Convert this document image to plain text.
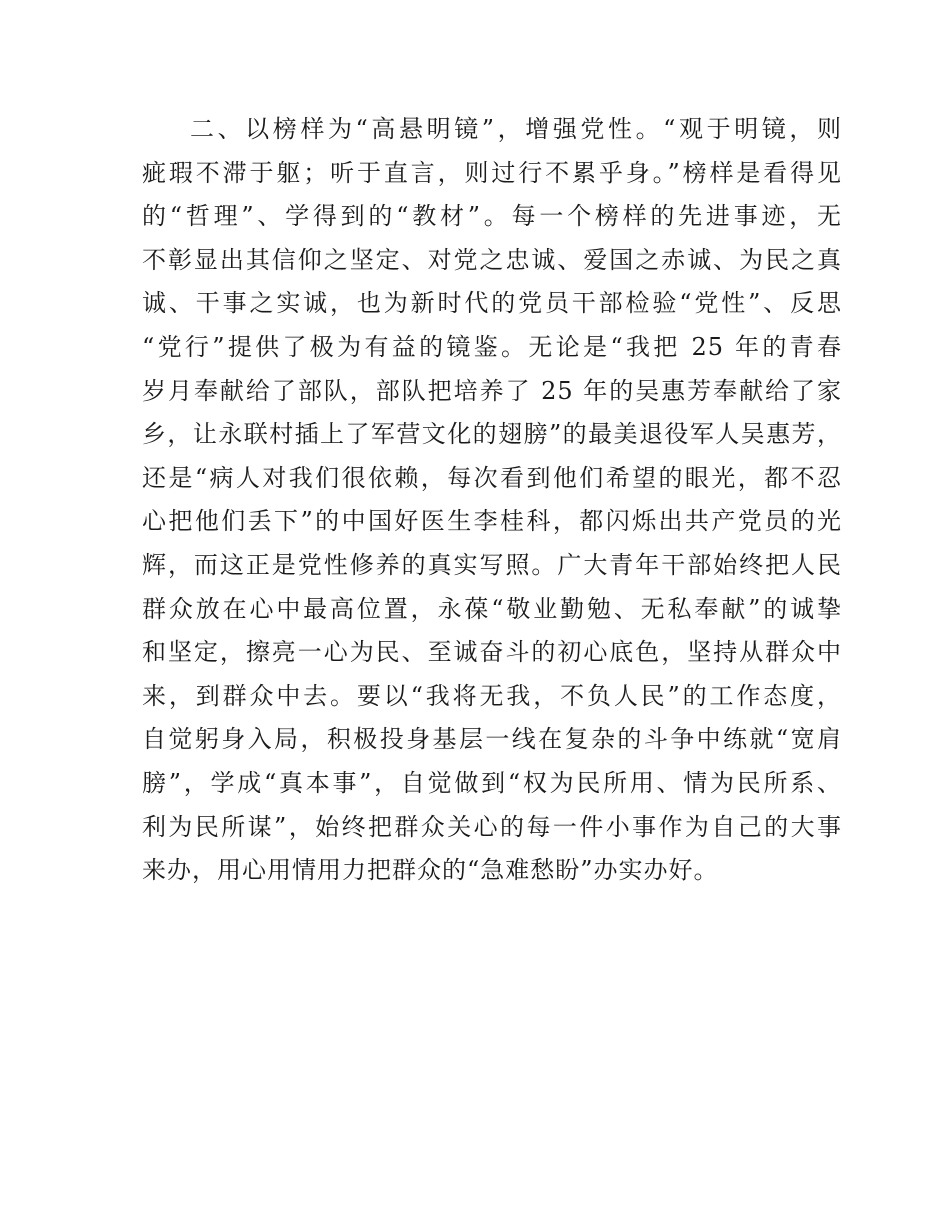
二、以榜样为“高悬明镜”，增强党性。“观于明镜，则
疵瑕不滞于躯；听于直言，则过行不累乎身。”榜样是看得见
的“哲理”、学得到的“教材”。每一个榜样的先进事迹，无
不彰显出其信仰之坚定、对党之忠诚、爱国之赤诚、为民之真
诚、干事之实诚，也为新时代的党员干部检验“党性”、反思
“党行”提供了极为有益的镜鉴。无论是“我把 25 年的青春
岁月奉献给了部队，部队把培养了 25 年的吴惠芳奉献给了家
乡，让永联村插上了军营文化的翅膀”的最美退役军人吴惠芳，
还是“病人对我们很依赖，每次看到他们希望的眼光，都不忍
心把他们丢下”的中国好医生李桂科，都闪烁出共产党员的光
辉，而这正是党性修养的真实写照。广大青年干部始终把人民
群众放在心中最高位置，永葆“敬业勤勉、无私奉献”的诚挚
和坚定，擦亮一心为民、至诚奋斗的初心底色，坚持从群众中
来，到群众中去。要以“我将无我，不负人民”的工作态度，
自觉躬身入局，积极投身基层一线在复杂的斗争中练就“宽肩
膀”，学成“真本事”，自觉做到“权为民所用、情为民所系、
利为民所谋”，始终把群众关心的每一件小事作为自己的大事
来办，用心用情用力把群众的“急难愁盼”办实办好。
